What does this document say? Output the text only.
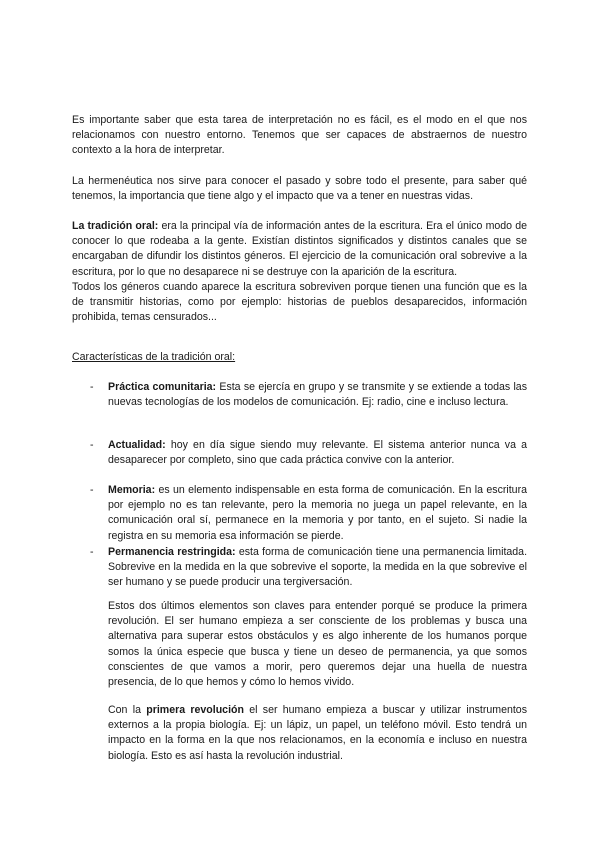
Es importante saber que esta tarea de interpretación no es fácil, es el modo en el que nos relacionamos con nuestro entorno. Tenemos que ser capaces de abstraernos de nuestro contexto a la hora de interpretar.

La hermenéutica nos sirve para conocer el pasado y sobre todo el presente, para saber qué tenemos, la importancia que tiene algo y el impacto que va a tener en nuestras vidas.

La tradición oral: era la principal vía de información antes de la escritura. Era el único modo de conocer lo que rodeaba a la gente. Existían distintos significados y distintos canales que se encargaban de difundir los distintos géneros. El ejercicio de la comunicación oral sobrevive a la escritura, por lo que no desaparece ni se destruye con la aparición de la escritura.
Todos los géneros cuando aparece la escritura sobreviven porque tienen una función que es la de transmitir historias, como por ejemplo: historias de pueblos desaparecidos, información prohibida, temas censurados...

Características de la tradición oral:

- Práctica comunitaria: Esta se ejercía en grupo y se transmite y se extiende a todas las nuevas tecnologías de los modelos de comunicación. Ej: radio, cine e incluso lectura.

- Actualidad: hoy en día sigue siendo muy relevante. El sistema anterior nunca va a desaparecer por completo, sino que cada práctica convive con la anterior.

- Memoria: es un elemento indispensable en esta forma de comunicación. En la escritura por ejemplo no es tan relevante, pero la memoria no juega un papel relevante, en la comunicación oral sí, permanece en la memoria y por tanto, en el sujeto. Si nadie la registra en su memoria esa información se pierde.

- Permanencia restringida: esta forma de comunicación tiene una permanencia limitada. Sobrevive en la medida en la que sobrevive el soporte, la medida en la que sobrevive el ser humano y se puede producir una tergiversación.

Estos dos últimos elementos son claves para entender porqué se produce la primera revolución. El ser humano empieza a ser consciente de los problemas y busca una alternativa para superar estos obstáculos y es algo inherente de los humanos porque somos la única especie que busca y tiene un deseo de permanencia, ya que somos conscientes de que vamos a morir, pero queremos dejar una huella de nuestra presencia, de lo que hemos y cómo lo hemos vivido.

Con la primera revolución el ser humano empieza a buscar y utilizar instrumentos externos a la propia biología. Ej: un lápiz, un papel, un teléfono móvil. Esto tendrá un impacto en la forma en la que nos relacionamos, en la economía e incluso en nuestra biología. Esto es así hasta la revolución industrial.
